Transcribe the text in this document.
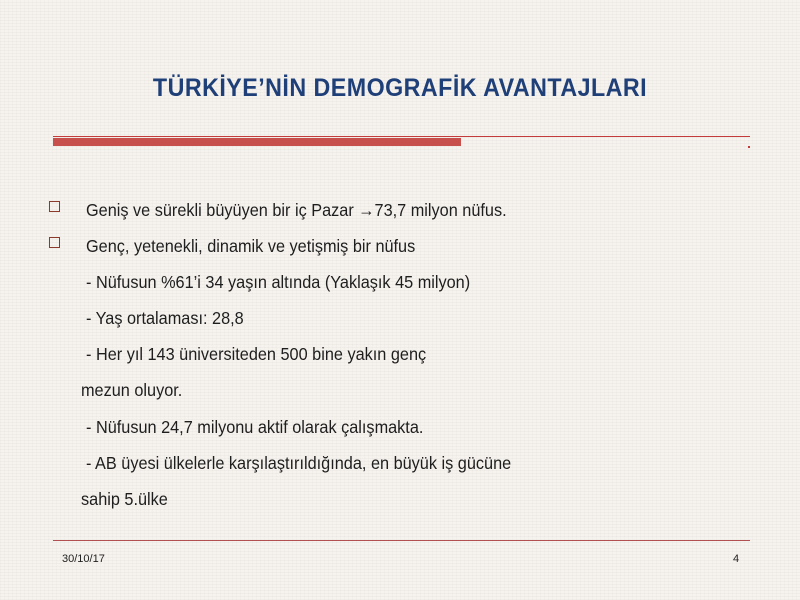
TÜRKİYE’NİN DEMOGRAFİK AVANTAJLARI
Geniş ve sürekli büyüyen bir iç Pazar →73,7 milyon nüfus.
Genç, yetenekli, dinamik ve yetişmiş bir nüfus
- Nüfusun %61’i 34 yaşın altında (Yaklaşık 45 milyon)
- Yaş ortalaması: 28,8
- Her yıl 143 üniversiteden 500 bine yakın genç
mezun oluyor.
- Nüfusun 24,7 milyonu aktif olarak çalışmakta.
- AB üyesi ülkelerle karşılaştırıldığında, en büyük iş gücüne
sahip 5.ülke
30/10/17	4
